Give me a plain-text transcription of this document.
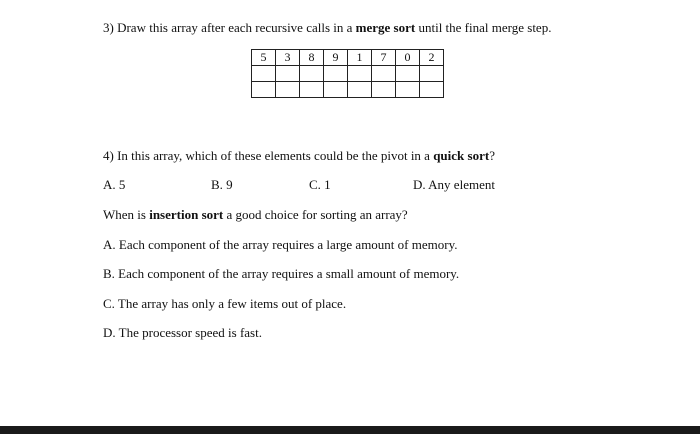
3) Draw this array after each recursive calls in a merge sort until the final merge step.
5	3	8	9	1	7	0	2

4) In this array, which of these elements could be the pivot in a quick sort?
A. 5	B. 9	C. 1	D. Any element
When is insertion sort a good choice for sorting an array?
A. Each component of the array requires a large amount of memory.
B. Each component of the array requires a small amount of memory.
C. The array has only a few items out of place.
D. The processor speed is fast.
